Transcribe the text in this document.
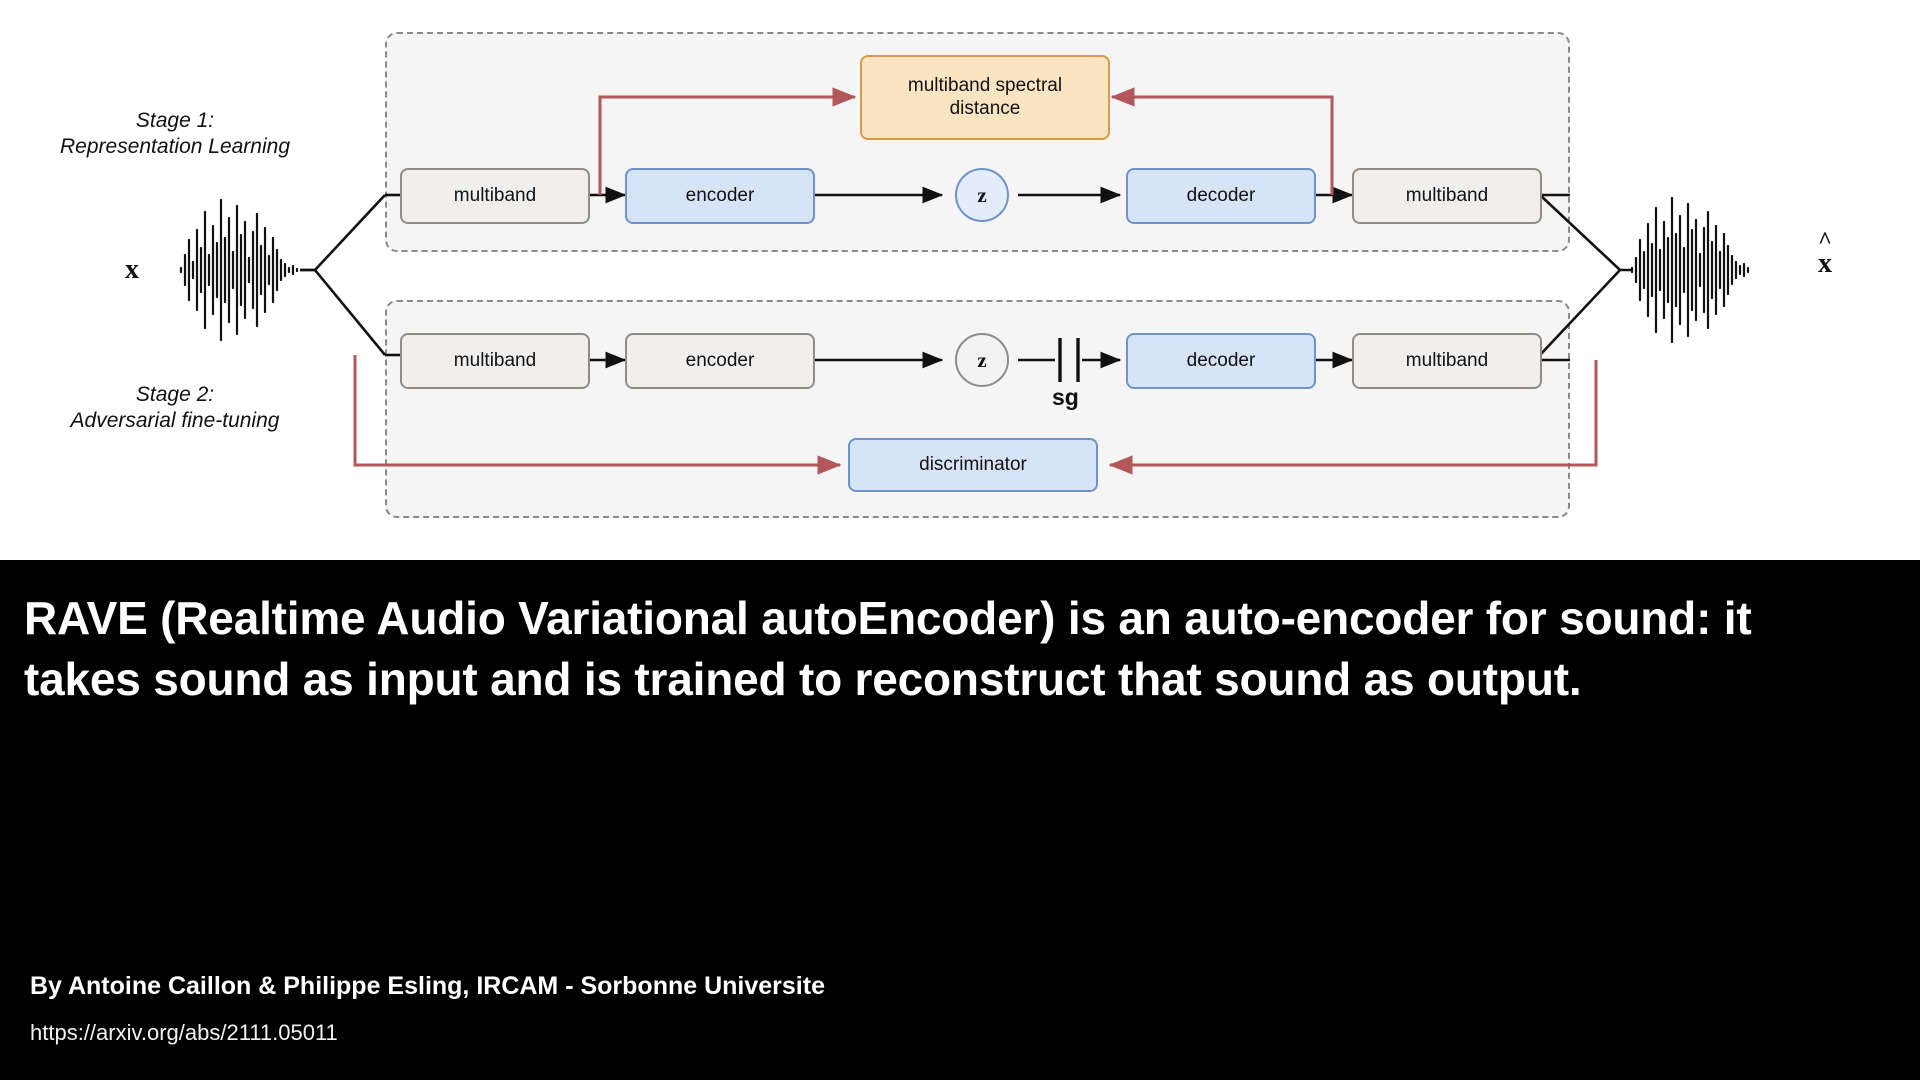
Stage 1:
Representation Learning
Stage 2:
Adversarial fine-tuning
x
^
x
multiband	encoder	z	decoder	multiband
multiband spectral
distance
multiband	encoder	z
sg
decoder	multiband
discriminator
RAVE (Realtime Audio Variational autoEncoder) is an auto-encoder for sound: it takes sound as input and is trained to reconstruct that sound as output.
By Antoine Caillon & Philippe Esling, IRCAM - Sorbonne Universite
https://arxiv.org/abs/2111.05011
